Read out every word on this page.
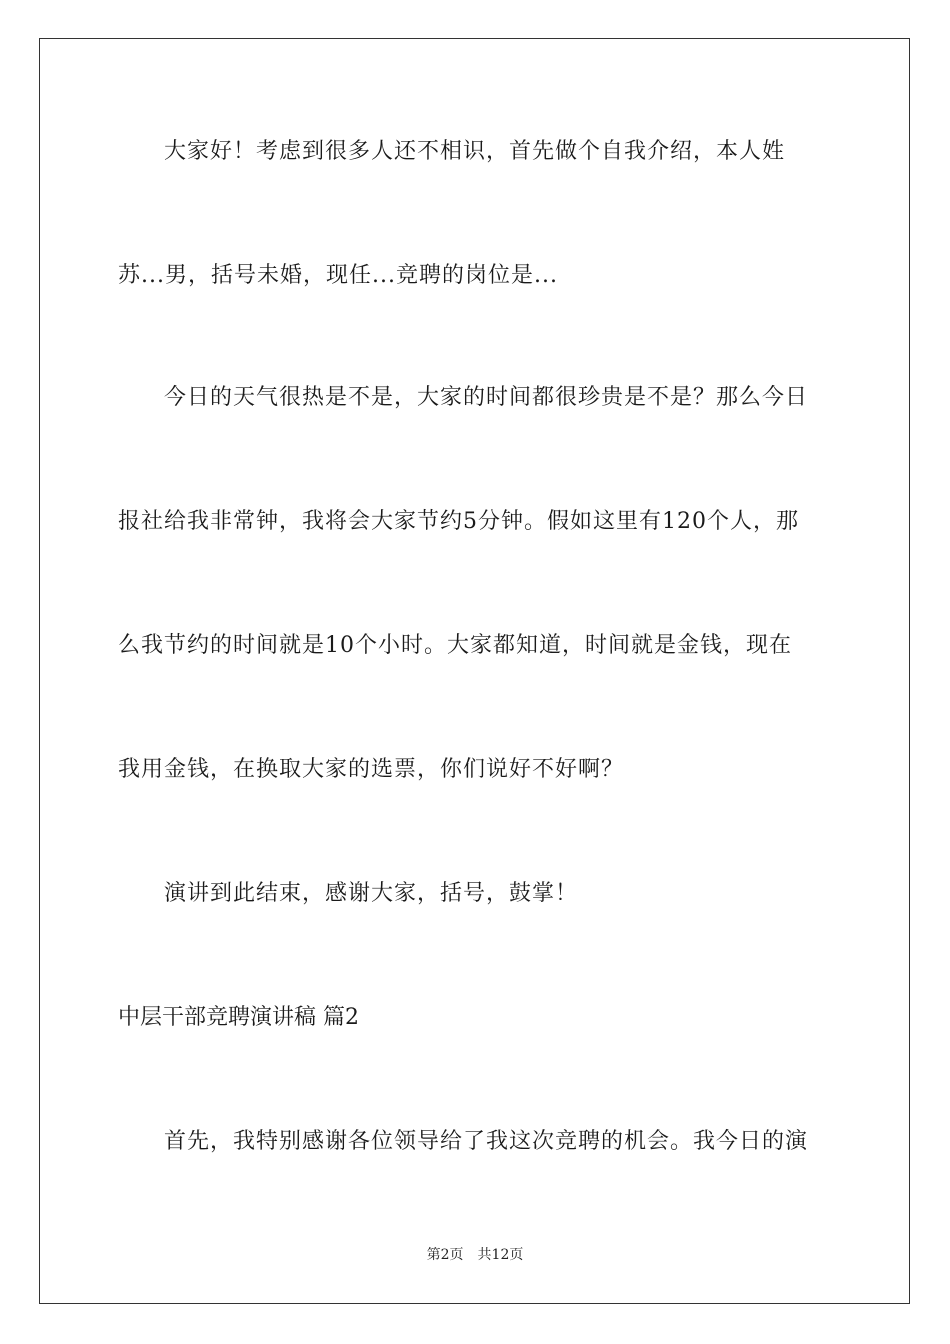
大家好！考虑到很多人还不相识，首先做个自我介绍，本人姓
苏...男，括号未婚，现任...竞聘的岗位是...
今日的天气很热是不是，大家的时间都很珍贵是不是？那么今日
报社给我非常钟，我将会大家节约5分钟。假如这里有120个人，那
么我节约的时间就是10个小时。大家都知道，时间就是金钱，现在
我用金钱，在换取大家的选票，你们说好不好啊？
演讲到此结束，感谢大家，括号，鼓掌！
中层干部竞聘演讲稿 篇2
首先，我特别感谢各位领导给了我这次竞聘的机会。我今日的演
第2页 共12页
